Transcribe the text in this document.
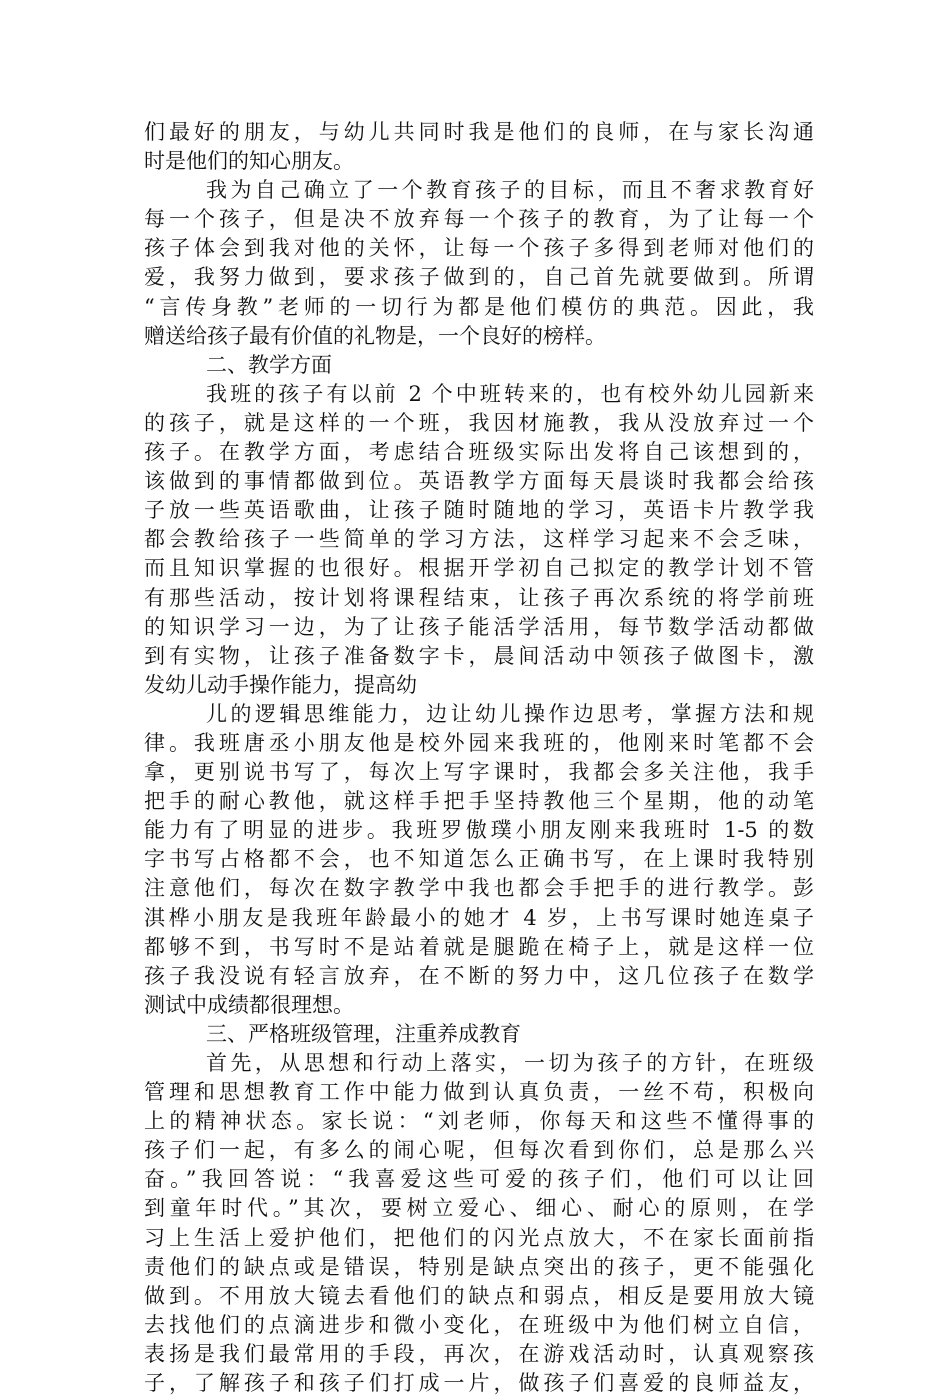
们最好的朋友，与幼儿共同时我是他们的良师，在与家长沟通
时是他们的知心朋友。
我为自己确立了一个教育孩子的目标，而且不奢求教育好
每一个孩子，但是决不放弃每一个孩子的教育，为了让每一个
孩子体会到我对他的关怀，让每一个孩子多得到老师对他们的
爱，我努力做到，要求孩子做到的，自己首先就要做到。所谓
“言传身教”老师的一切行为都是他们模仿的典范。因此，我
赠送给孩子最有价值的礼物是，一个良好的榜样。
二、教学方面
我班的孩子有以前 2 个中班转来的，也有校外幼儿园新来
的孩子，就是这样的一个班，我因材施教，我从没放弃过一个
孩子。在教学方面，考虑结合班级实际出发将自己该想到的，
该做到的事情都做到位。英语教学方面每天晨谈时我都会给孩
子放一些英语歌曲，让孩子随时随地的学习，英语卡片教学我
都会教给孩子一些简单的学习方法，这样学习起来不会乏味，
而且知识掌握的也很好。根据开学初自己拟定的教学计划不管
有那些活动，按计划将课程结束，让孩子再次系统的将学前班
的知识学习一边，为了让孩子能活学活用，每节数学活动都做
到有实物，让孩子准备数字卡，晨间活动中领孩子做图卡，激
发幼儿动手操作能力，提高幼
儿的逻辑思维能力，边让幼儿操作边思考，掌握方法和规
律。我班唐丞小朋友他是校外园来我班的，他刚来时笔都不会
拿，更别说书写了，每次上写字课时，我都会多关注他，我手
把手的耐心教他，就这样手把手坚持教他三个星期，他的动笔
能力有了明显的进步。我班罗傲璞小朋友刚来我班时 1-5 的数
字书写占格都不会，也不知道怎么正确书写，在上课时我特别
注意他们，每次在数字教学中我也都会手把手的进行教学。彭
淇桦小朋友是我班年龄最小的她才 4 岁，上书写课时她连桌子
都够不到，书写时不是站着就是腿跪在椅子上，就是这样一位
孩子我没说有轻言放弃，在不断的努力中，这几位孩子在数学
测试中成绩都很理想。
三、严格班级管理，注重养成教育
首先，从思想和行动上落实，一切为孩子的方针，在班级
管理和思想教育工作中能力做到认真负责，一丝不苟，积极向
上的精神状态。家长说：“刘老师，你每天和这些不懂得事的
孩子们一起，有多么的闹心呢，但每次看到你们，总是那么兴
奋。”我回答说：“我喜爱这些可爱的孩子们，他们可以让回
到童年时代。”其次，要树立爱心、细心、耐心的原则，在学
习上生活上爱护他们，把他们的闪光点放大，不在家长面前指
责他们的缺点或是错误，特别是缺点突出的孩子，更不能强化
做到。不用放大镜去看他们的缺点和弱点，相反是要用放大镜
去找他们的点滴进步和微小变化，在班级中为他们树立自信，
表扬是我们最常用的手段，再次，在游戏活动时，认真观察孩
子，了解孩子和孩子们打成一片，做孩子们喜爱的良师益友，
